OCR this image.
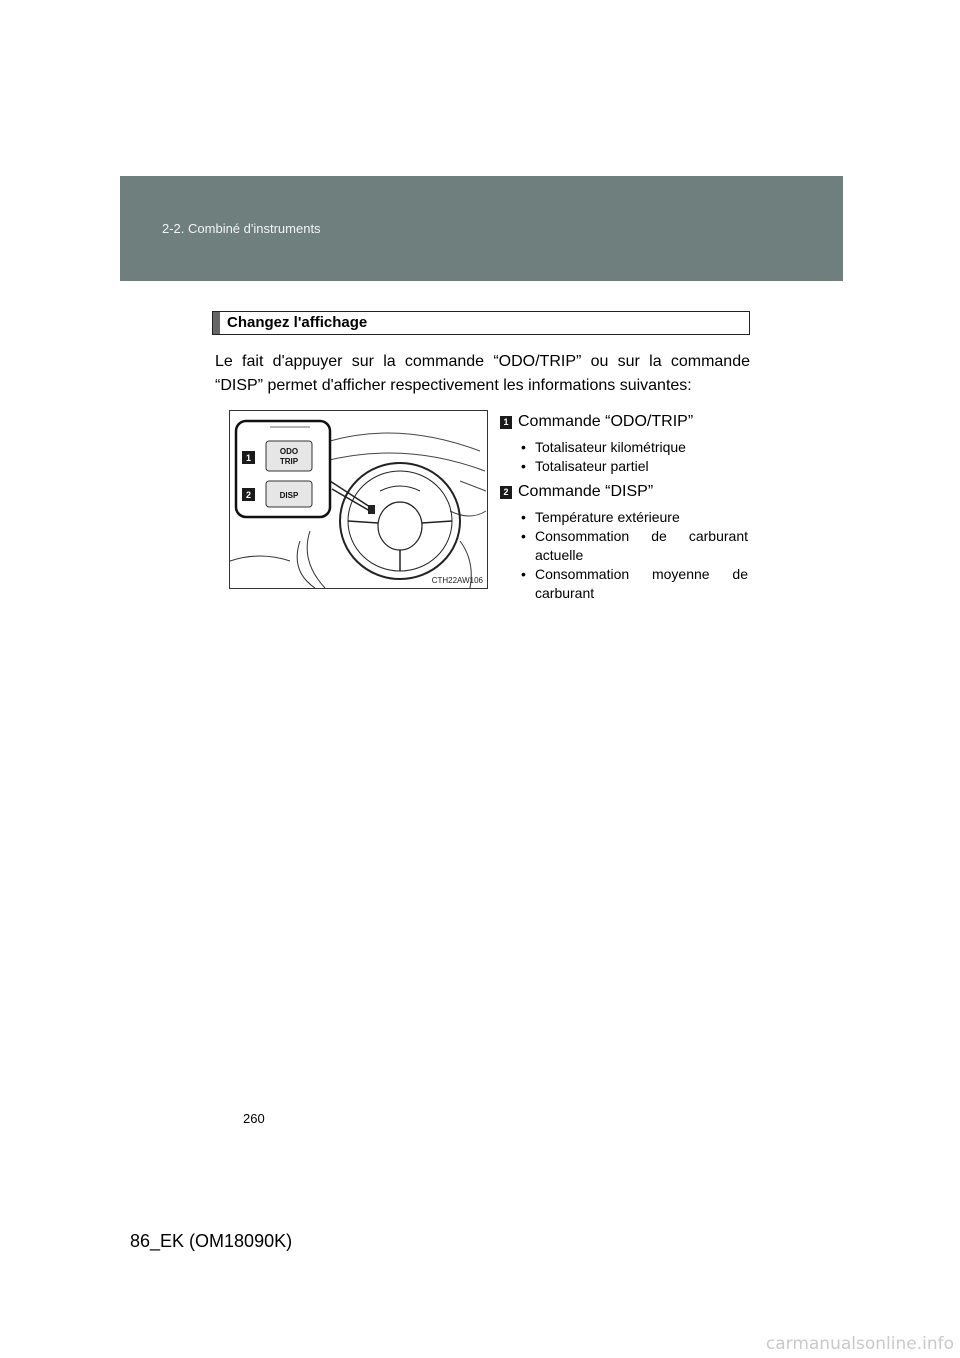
2-2. Combiné d'instruments
Changez l'affichage
Le fait d'appuyer sur la commande “ODO/TRIP” ou sur la commande “DISP” permet d'afficher respectivement les informations suivantes:
1
2
ODO
TRIP
DISP
CTH22AW106
1 Commande “ODO/TRIP”
• Totalisateur kilométrique
• Totalisateur partiel
2 Commande “DISP”
• Température extérieure
• Consommation de carburant actuelle
• Consommation moyenne de carburant
260
86_EK (OM18090K)
carmanualsonline.info
